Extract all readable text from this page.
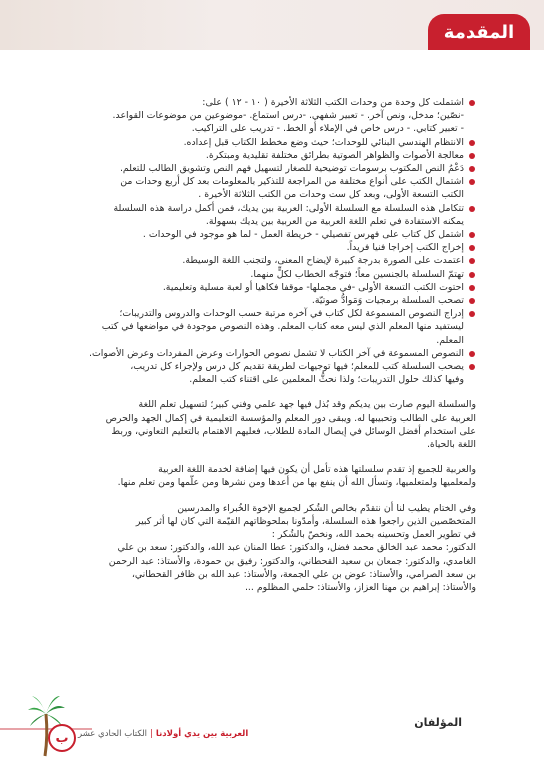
المقدمة
اشتملت كل وحدة من وحدات الكتب الثلاثة الأخيرة ( ١٠ - ١٢ ) على:
-نصّين؛ مدخل، ونص آخر. - تعبير شفهي. -درس استماع. -موضوعين من موضوعات القواعد.
- تعبير كتابي. - درس خاص في الإملاء أو الخط. - تدريب على التراكيب.
الانتظام الهندسي البنائي للوحدات؛ حيث وضع مخطط الكتاب قبل إعداده.
معالجة الأصوات والظواهر الصوتية بطرائق مختلفة تقليدية ومبتكرة.
دَعْمُ النص المكتوب برسومات توضيحية للصغار لتسهيل فهم النص وتشويق الطالب للتعلم.
اشتمال الكتب على أنواع مختلفة من المراجعة للتذكير بالمعلومات بعد كل أربع وحدات من
الكتب التسعة الأولى، وبعد كل ست وحدات من الكتب الثلاثة الأخيرة .
تتكامل هذه السلسلة مع السلسلة الأولى: العربية بين يديك، فمن أكمل دراسة هذه السلسلة
يمكنه الاستفادة في تعلم اللغة العربية من العربية بين يديك بسهولة.
اشتمل كل كتاب على فهرس تفصيلي - خريطة العمل - لما هو موجود في الوحدات .
إخراج الكتب إخراجا فنيا فريداً.
اعتمدت على الصورة بدرجة كبيرة لإيضاح المعنى، ولتجنب اللغة الوسيطة.
تهتمّ السلسلة بالجنسين معاً؛ فتوجّه الخطاب لكلٍّ منهما.
احتوت الكتب التسعة الأولى -في مجملها- موقفا فكاهيا أو لعبة مسلية وتعليمية.
تصحب السلسلة برمجيات وَمَوادُّ صوتيّة.
إدراج النصوص المسموعة لكل كتاب في آخره مرتبة حسب الوحدات والدروس والتدريبات؛
ليستفيد منها المعلم الذي ليس معه كتاب المعلم. وهذه النصوص موجودة في مواضعها في كتب
المعلم.
النصوص المسموعة في آخر الكتاب لا تشمل نصوص الحوارات وعرض المفردات وعرض الأصوات.
يصحب السلسلة كتب للمعلم؛ فيها توجيهات لطريقة تقديم كل درس ولإجراء كل تدريب،
وفيها كذلك حلول التدريبات؛ ولذا نحثُّ المعلمين على اقتناء كتب المعلم.

والسلسلة اليوم صارت بين يديكم وقد بُذل فيها جهد علمي وفني كبير؛ لتسهيل تعلم اللغة
العربية على الطالب وتحبيبها له. ويبقى دور المعلم والمؤسسة التعليمية في إكمال الجهد والحرص
على استخدام أفضل الوسائل في إيصال المادة للطلاب، فعليهم الاهتمام بالتعليم التعاوني، وربط
اللغة بالحياة.

والعربية للجميع إذ تقدم سلسلتها هذه تأمل أن يكون فيها إضافة لخدمة اللغة العربية
ولمعلميها ولمتعلميها، وتسأل الله أن ينفع بها من أعدها ومن نشرها ومن علّمها ومن تعلم منها.

وفي الختام يطيب لنا أن نتقدّم بخالص الشُكر لجميع الإخوة الخُبراء والمدرسين
المتخصّصين الذين راجعوا هذه السلسلة، وأمدّونا بملحوظاتهم القيّمة التي كان لها أثر كبير
في تطوير العمل وتحسينه بحمد الله، ونخصّ بالشُكر :
الدكتور: محمد عبد الخالق محمد فضل، والدكتور: عطا المنان عبد الله، والدكتور: سعد بن علي
الغامدي، والدكتور: جمعان بن سعيد القحطاني، والدكتور: رفيق بن حمودة، والأستاذ: عبد الرحمن
بن سعد الصرامي، والأستاذ: عوض بن علي الجمعة، والأستاذ: عبد الله بن ظافر القحطاني،
والأستاذ: إبراهيم بن مهنا العزاز، والأستاذ: حلمي المظلوم ...

المؤلفان
ب	العربية بين يدي أولادنا|الكتاب الحادي عشر
